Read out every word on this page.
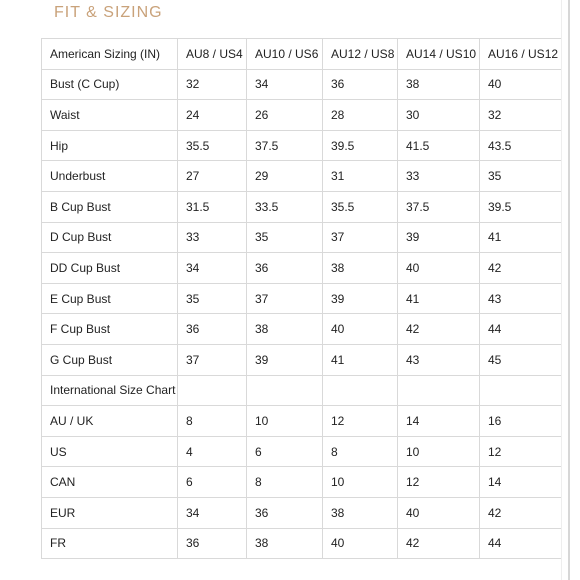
FIT & SIZING
American Sizing (IN)	AU8 / US4	AU10 / US6	AU12 / US8	AU14 / US10	AU16 / US12
Bust (C Cup)	32	34	36	38	40
Waist	24	26	28	30	32
Hip	35.5	37.5	39.5	41.5	43.5
Underbust	27	29	31	33	35
B Cup Bust	31.5	33.5	35.5	37.5	39.5
D Cup Bust	33	35	37	39	41
DD Cup Bust	34	36	38	40	42
E Cup Bust	35	37	39	41	43
F Cup Bust	36	38	40	42	44
G Cup Bust	37	39	41	43	45
International Size Chart					
AU / UK	8	10	12	14	16
US	4	6	8	10	12
CAN	6	8	10	12	14
EUR	34	36	38	40	42
FR	36	38	40	42	44
